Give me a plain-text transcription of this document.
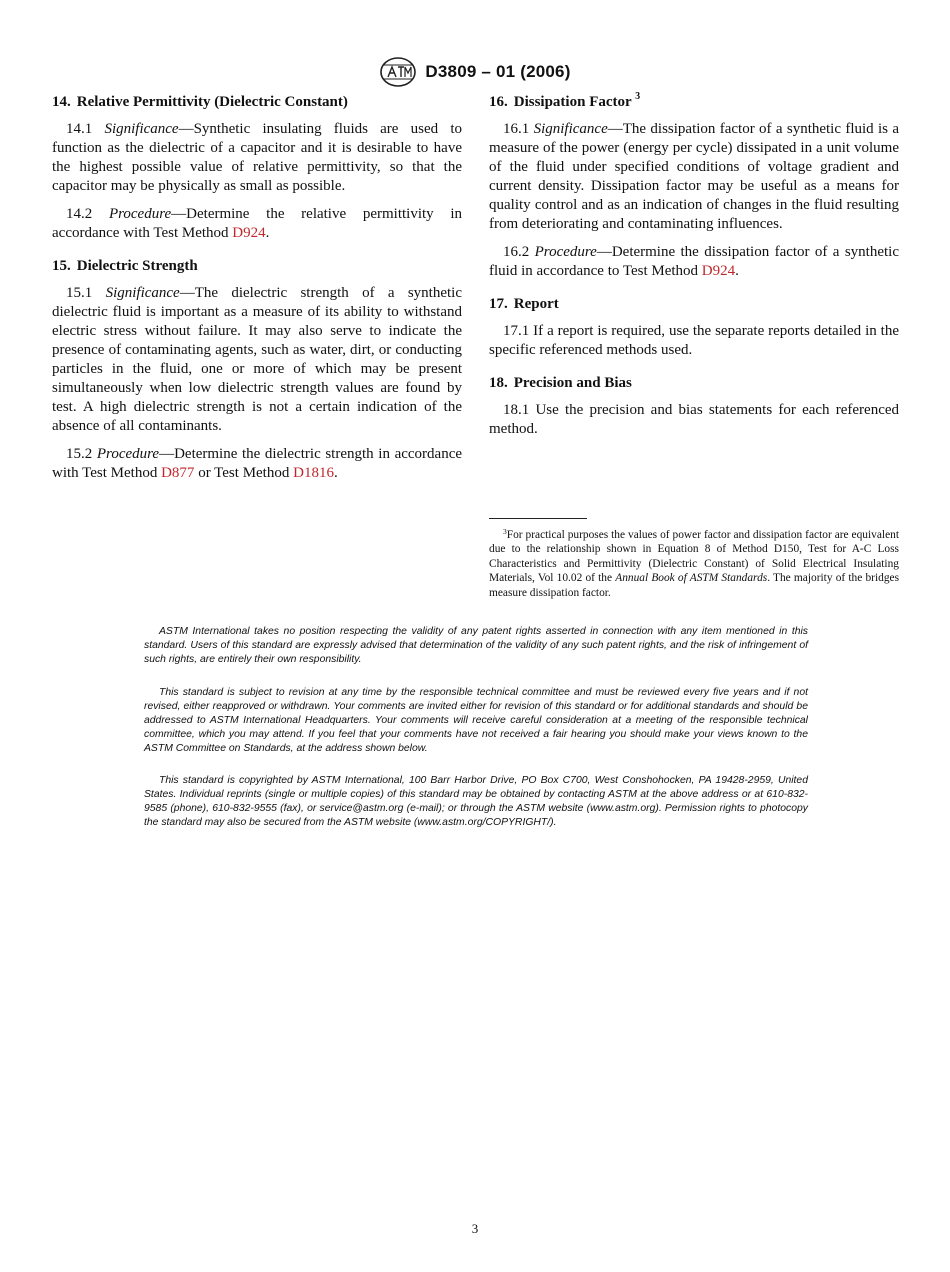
D3809 – 01 (2006)
14. Relative Permittivity (Dielectric Constant)

14.1 Significance—Synthetic insulating fluids are used to function as the dielectric of a capacitor and it is desirable to have the highest possible value of relative permittivity, so that the capacitor may be physically as small as possible.

14.2 Procedure—Determine the relative permittivity in accordance with Test Method D924.

15. Dielectric Strength

15.1 Significance—The dielectric strength of a synthetic dielectric fluid is important as a measure of its ability to withstand electric stress without failure. It may also serve to indicate the presence of contaminating agents, such as water, dirt, or conducting particles in the fluid, one or more of which may be present simultaneously when low dielectric strength values are found by test. A high dielectric strength is not a certain indication of the absence of all contaminants.

15.2 Procedure—Determine the dielectric strength in accordance with Test Method D877 or Test Method D1816.

16. Dissipation Factor $^3$

16.1 Significance—The dissipation factor of a synthetic fluid is a measure of the power (energy per cycle) dissipated in a unit volume of the fluid under specified conditions of voltage gradient and current density. Dissipation factor may be useful as a means for quality control and as an indication of changes in the fluid resulting from deteriorating and contaminating influences.

16.2 Procedure—Determine the dissipation factor of a synthetic fluid in accordance to Test Method D924.

17. Report

17.1 If a report is required, use the separate reports detailed in the specific referenced methods used.

18. Precision and Bias

18.1 Use the precision and bias statements for each referenced method.

$^3$For practical purposes the values of power factor and dissipation factor are equivalent due to the relationship shown in Equation 8 of Method D150, Test for A-C Loss Characteristics and Permittivity (Dielectric Constant) of Solid Electrical Insulating Materials, Vol 10.02 of the Annual Book of ASTM Standards. The majority of the bridges measure dissipation factor.

ASTM International takes no position respecting the validity of any patent rights asserted in connection with any item mentioned in this standard. Users of this standard are expressly advised that determination of the validity of any such patent rights, and the risk of infringement of such rights, are entirely their own responsibility.

This standard is subject to revision at any time by the responsible technical committee and must be reviewed every five years and if not revised, either reapproved or withdrawn. Your comments are invited either for revision of this standard or for additional standards and should be addressed to ASTM International Headquarters. Your comments will receive careful consideration at a meeting of the responsible technical committee, which you may attend. If you feel that your comments have not received a fair hearing you should make your views known to the ASTM Committee on Standards, at the address shown below.

This standard is copyrighted by ASTM International, 100 Barr Harbor Drive, PO Box C700, West Conshohocken, PA 19428-2959, United States. Individual reprints (single or multiple copies) of this standard may be obtained by contacting ASTM at the above address or at 610-832-9585 (phone), 610-832-9555 (fax), or service@astm.org (e-mail); or through the ASTM website (www.astm.org). Permission rights to photocopy the standard may also be secured from the ASTM website (www.astm.org/COPYRIGHT/).

3
